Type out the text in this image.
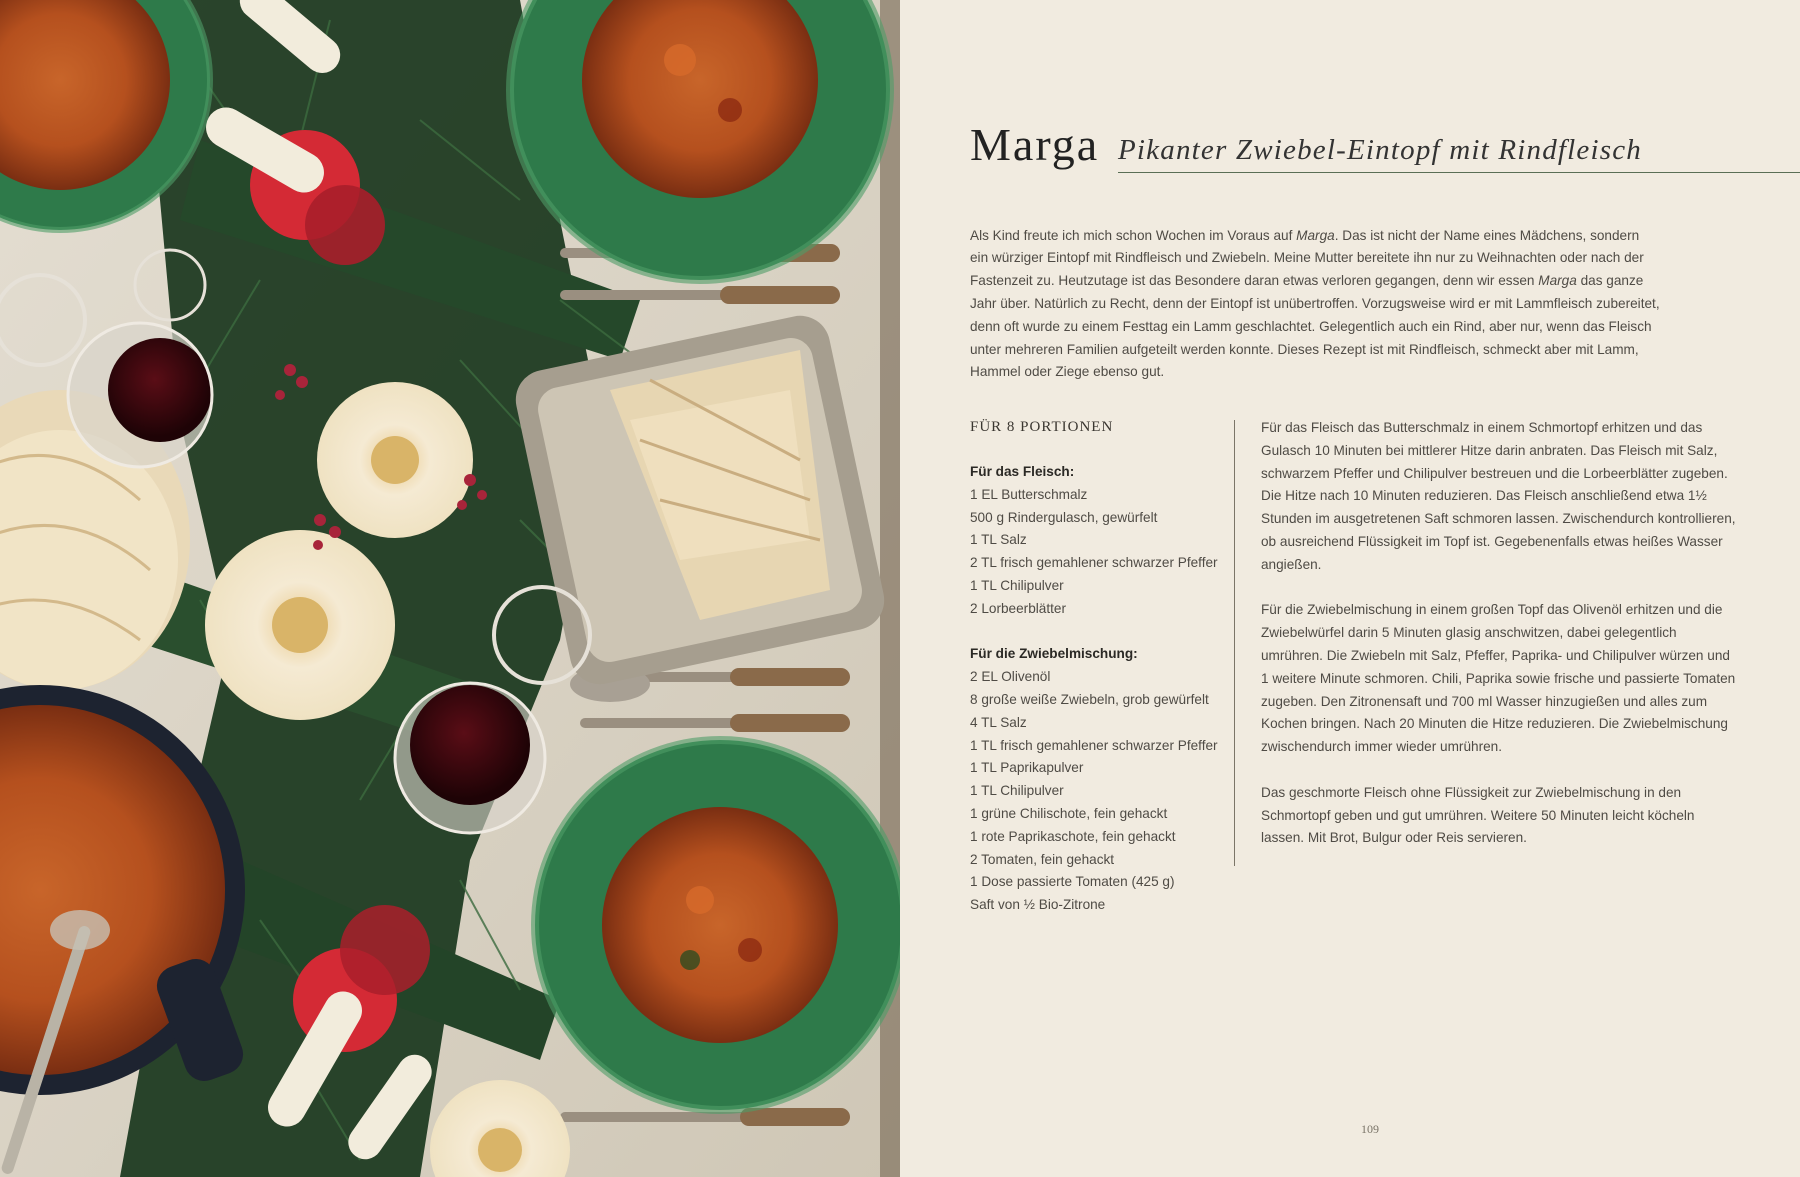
Marga Pikanter Zwiebel-Eintopf mit Rindfleisch

Als Kind freute ich mich schon Wochen im Voraus auf Marga. Das ist nicht der Name eines Mädchens, sondern ein würziger Eintopf mit Rindfleisch und Zwiebeln. Meine Mutter bereitete ihn nur zu Weihnachten oder nach der Fastenzeit zu. Heutzutage ist das Besondere daran etwas verloren gegangen, denn wir essen Marga das ganze Jahr über. Natürlich zu Recht, denn der Eintopf ist unübertroffen. Vorzugsweise wird er mit Lammfleisch zubereitet, denn oft wurde zu einem Festtag ein Lamm geschlachtet. Gelegentlich auch ein Rind, aber nur, wenn das Fleisch unter mehreren Familien aufgeteilt werden konnte. Dieses Rezept ist mit Rindfleisch, schmeckt aber mit Lamm, Hammel oder Ziege ebenso gut.

FÜR 8 PORTIONEN

Für das Fleisch:

1 EL Butterschmalz
500 g Rindergulasch, gewürfelt
1 TL Salz
2 TL frisch gemahlener schwarzer Pfeffer
1 TL Chilipulver
2 Lorbeerblätter

Für die Zwiebelmischung:

2 EL Olivenöl
8 große weiße Zwiebeln, grob gewürfelt
4 TL Salz
1 TL frisch gemahlener schwarzer Pfeffer
1 TL Paprikapulver
1 TL Chilipulver
1 grüne Chilischote, fein gehackt
1 rote Paprikaschote, fein gehackt
2 Tomaten, fein gehackt
1 Dose passierte Tomaten (425 g)
Saft von ½ Bio-Zitrone

Für das Fleisch das Butterschmalz in einem Schmortopf erhitzen und das Gulasch 10 Minuten bei mittlerer Hitze darin anbraten. Das Fleisch mit Salz, schwarzem Pfeffer und Chilipulver bestreuen und die Lorbeerblätter zugeben. Die Hitze nach 10 Minuten reduzieren. Das Fleisch anschließend etwa 1½ Stunden im ausgetretenen Saft schmoren lassen. Zwischendurch kontrollieren, ob ausreichend Flüssigkeit im Topf ist. Gegebenenfalls etwas heißes Wasser angießen.

Für die Zwiebelmischung in einem großen Topf das Olivenöl erhitzen und die Zwiebelwürfel darin 5 Minuten glasig anschwitzen, dabei gelegentlich umrühren. Die Zwiebeln mit Salz, Pfeffer, Paprika- und Chilipulver würzen und 1 weitere Minute schmoren. Chili, Paprika sowie frische und passierte Tomaten zugeben. Den Zitronensaft und 700 ml Wasser hinzugießen und alles zum Kochen bringen. Nach 20 Minuten die Hitze reduzieren. Die Zwiebelmischung zwischendurch immer wieder umrühren.

Das geschmorte Fleisch ohne Flüssigkeit zur Zwiebelmischung in den Schmortopf geben und gut umrühren. Weitere 50 Minuten leicht köcheln lassen. Mit Brot, Bulgur oder Reis servieren.

109
